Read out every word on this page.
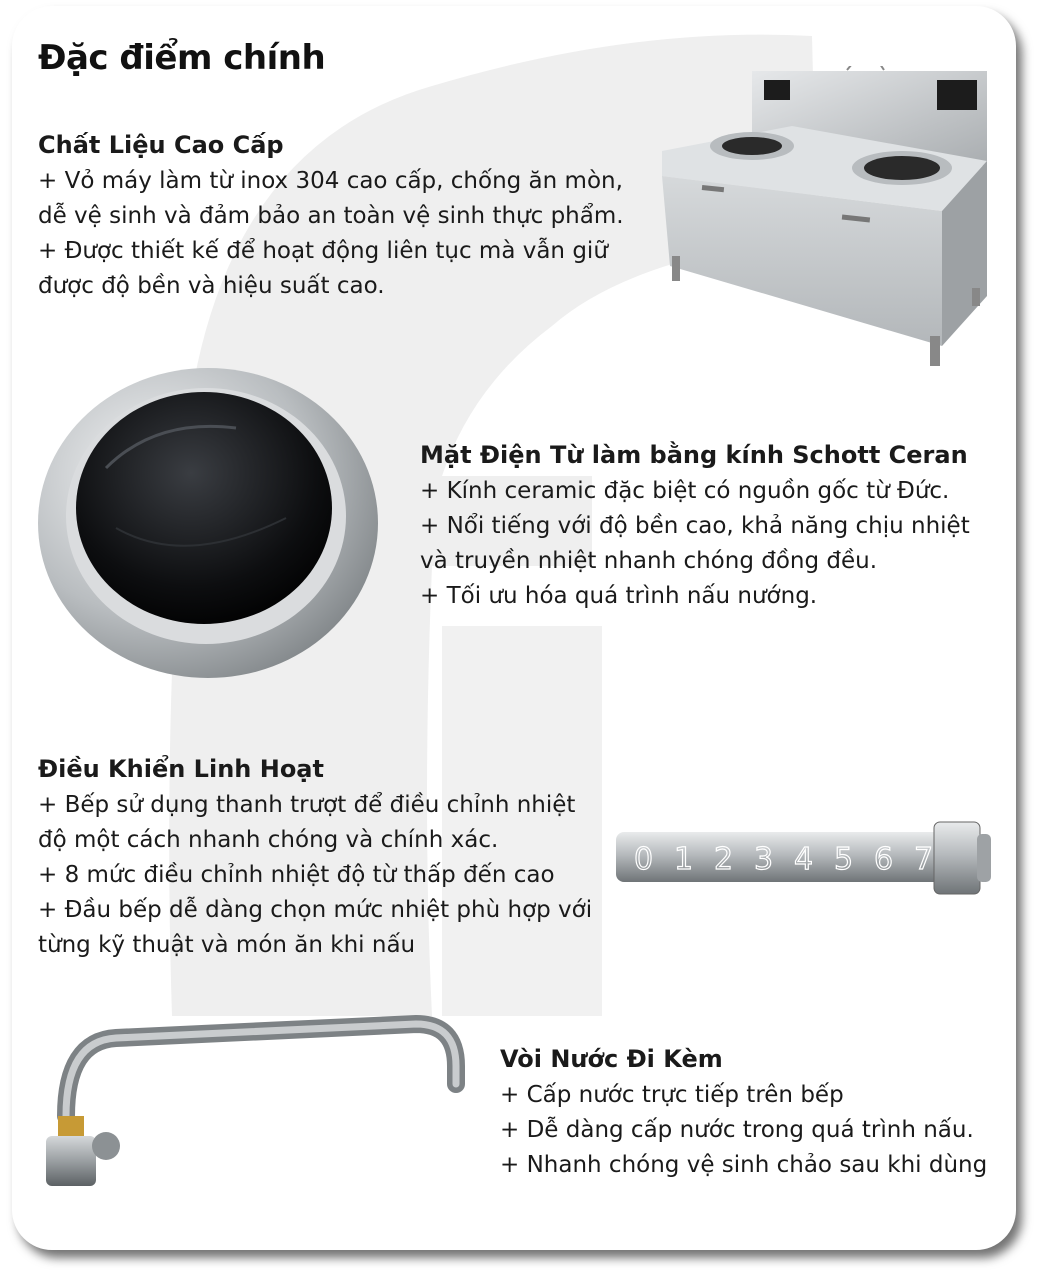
Đặc điểm chính
Chất Liệu Cao Cấp

+ Vỏ máy làm từ inox 304 cao cấp, chống ăn mòn,

dễ vệ sinh và đảm bảo an toàn vệ sinh thực phẩm.

+ Được thiết kế để hoạt động liên tục mà vẫn giữ

được độ bền và hiệu suất cao.

Mặt Điện Từ làm bằng kính Schott Ceran

+ Kính ceramic đặc biệt có nguồn gốc từ Đức.

+ Nổi tiếng với độ bền cao, khả năng chịu nhiệt

và truyền nhiệt nhanh chóng đồng đều.

+ Tối ưu hóa quá trình nấu nướng.

Điều Khiển Linh Hoạt

+ Bếp sử dụng thanh trượt để điều chỉnh nhiệt

độ một cách nhanh chóng và chính xác.

+ 8 mức điều chỉnh nhiệt độ từ thấp đến cao

+ Đầu bếp dễ dàng chọn mức nhiệt phù hợp với

từng kỹ thuật và món ăn khi nấu

0 1 2 3 4 5 6 7
Vòi Nước Đi Kèm

+ Cấp nước trực tiếp trên bếp

+ Dễ dàng cấp nước trong quá trình nấu.

+ Nhanh chóng vệ sinh chảo sau khi dùng
